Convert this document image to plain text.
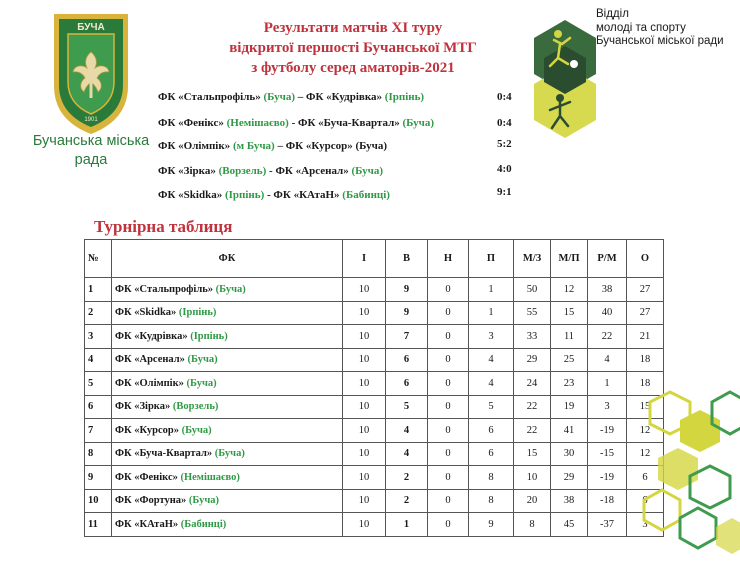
БУЧА
1901
Бучанська міська
рада
Результати матчів XI туру
відкритої першості Бучанської МТГ
з футболу серед аматорів-2021
Відділ
молоді та спорту
Бучанської міської ради
ФК «Стальпрофіль» (Буча) – ФК «Кудрівка» (Ірпінь)	0:4
ФК «Фенікс» (Немішаєво) - ФК «Буча-Квартал» (Буча)	0:4
ФК «Олімпік» (м Буча) – ФК «Курсор» (Буча)	5:2
ФК «Зірка» (Ворзель) - ФК «Арсенал» (Буча)	4:0
ФК «Skidka» (Ірпінь) - ФК «КАтаН» (Бабинці)	9:1
Турнірна таблиця
№	ФК	І	В	Н	П	М/З	М/П	Р/М	О
1	ФК «Стальпрофіль» (Буча)	10	9	0	1	50	12	38	27
2	ФК «Skidka» (Ірпінь)	10	9	0	1	55	15	40	27
3	ФК «Кудрівка» (Ірпінь)	10	7	0	3	33	11	22	21
4	ФК «Арсенал» (Буча)	10	6	0	4	29	25	4	18
5	ФК «Олімпік» (Буча)	10	6	0	4	24	23	1	18
6	ФК «Зірка» (Ворзель)	10	5	0	5	22	19	3	15
7	ФК «Курсор» (Буча)	10	4	0	6	22	41	-19	12
8	ФК «Буча-Квартал» (Буча)	10	4	0	6	15	30	-15	12
9	ФК «Фенікс» (Немішаєво)	10	2	0	8	10	29	-19	6
10	ФК «Фортуна» (Буча)	10	2	0	8	20	38	-18	6
11	ФК «КАтаН» (Бабинці)	10	1	0	9	8	45	-37	3
